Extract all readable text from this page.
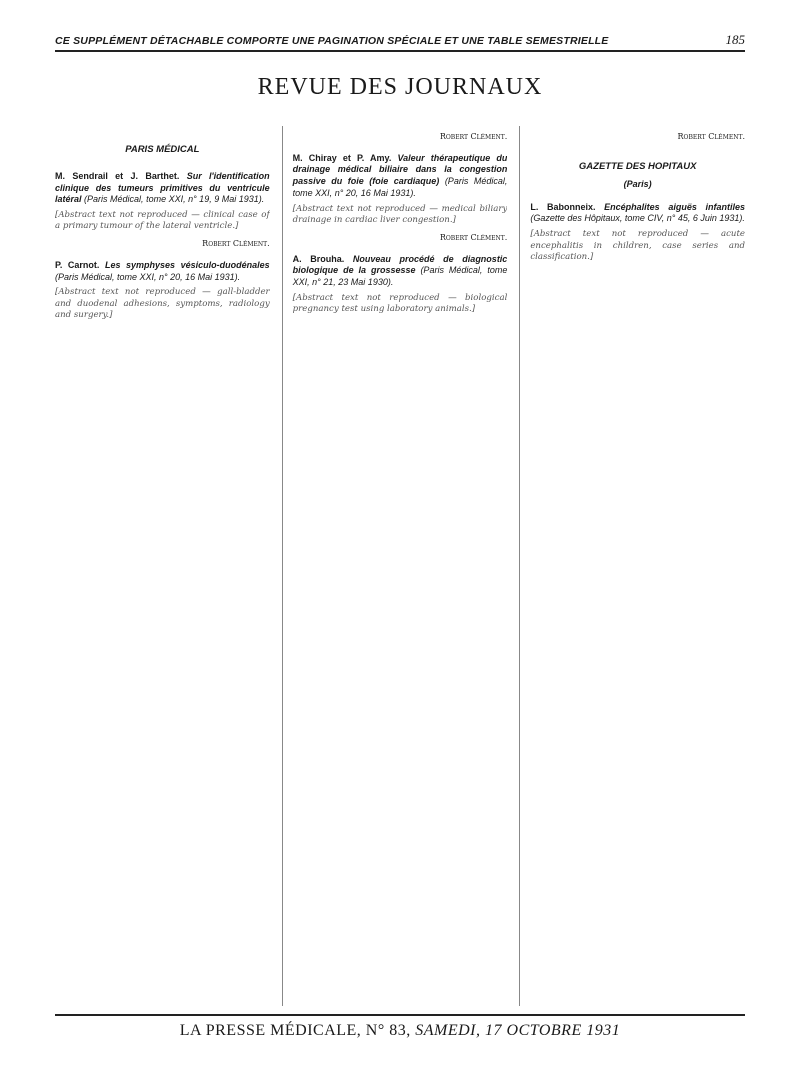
CE SUPPLÉMENT DÉTACHABLE COMPORTE UNE PAGINATION SPÉCIALE ET UNE TABLE SEMESTRIELLE	185
REVUE DES JOURNAUX
PARIS MÉDICAL
M. Sendrail et J. Barthet. Sur l'identification clinique des tumeurs primitives du ventricule latéral (Paris Médical, tome XXI, n° 19, 9 Mai 1931).
[Abstract text not reproduced — clinical case of a primary tumour of the lateral ventricle.]
Robert Clément.
P. Carnot. Les symphyses vésiculo-duodénales (Paris Médical, tome XXI, n° 20, 16 Mai 1931).
[Abstract text not reproduced — gall-bladder and duodenal adhesions, symptoms, radiology and surgery.]
Robert Clément.
M. Chiray et P. Amy. Valeur thérapeutique du drainage médical biliaire dans la congestion passive du foie (foie cardiaque) (Paris Médical, tome XXI, n° 20, 16 Mai 1931).
[Abstract text not reproduced — medical biliary drainage in cardiac liver congestion.]
Robert Clément.
A. Brouha. Nouveau procédé de diagnostic biologique de la grossesse (Paris Médical, tome XXI, n° 21, 23 Mai 1930).
[Abstract text not reproduced — biological pregnancy test using laboratory animals.]
Robert Clément.
GAZETTE DES HOPITAUX
(Paris)
L. Babonneix. Encéphalites aiguës infantiles (Gazette des Hôpitaux, tome CIV, n° 45, 6 Juin 1931).
[Abstract text not reproduced — acute encephalitis in children, case series and classification.]
LA PRESSE MÉDICALE, N° 83, SAMEDI, 17 OCTOBRE 1931
